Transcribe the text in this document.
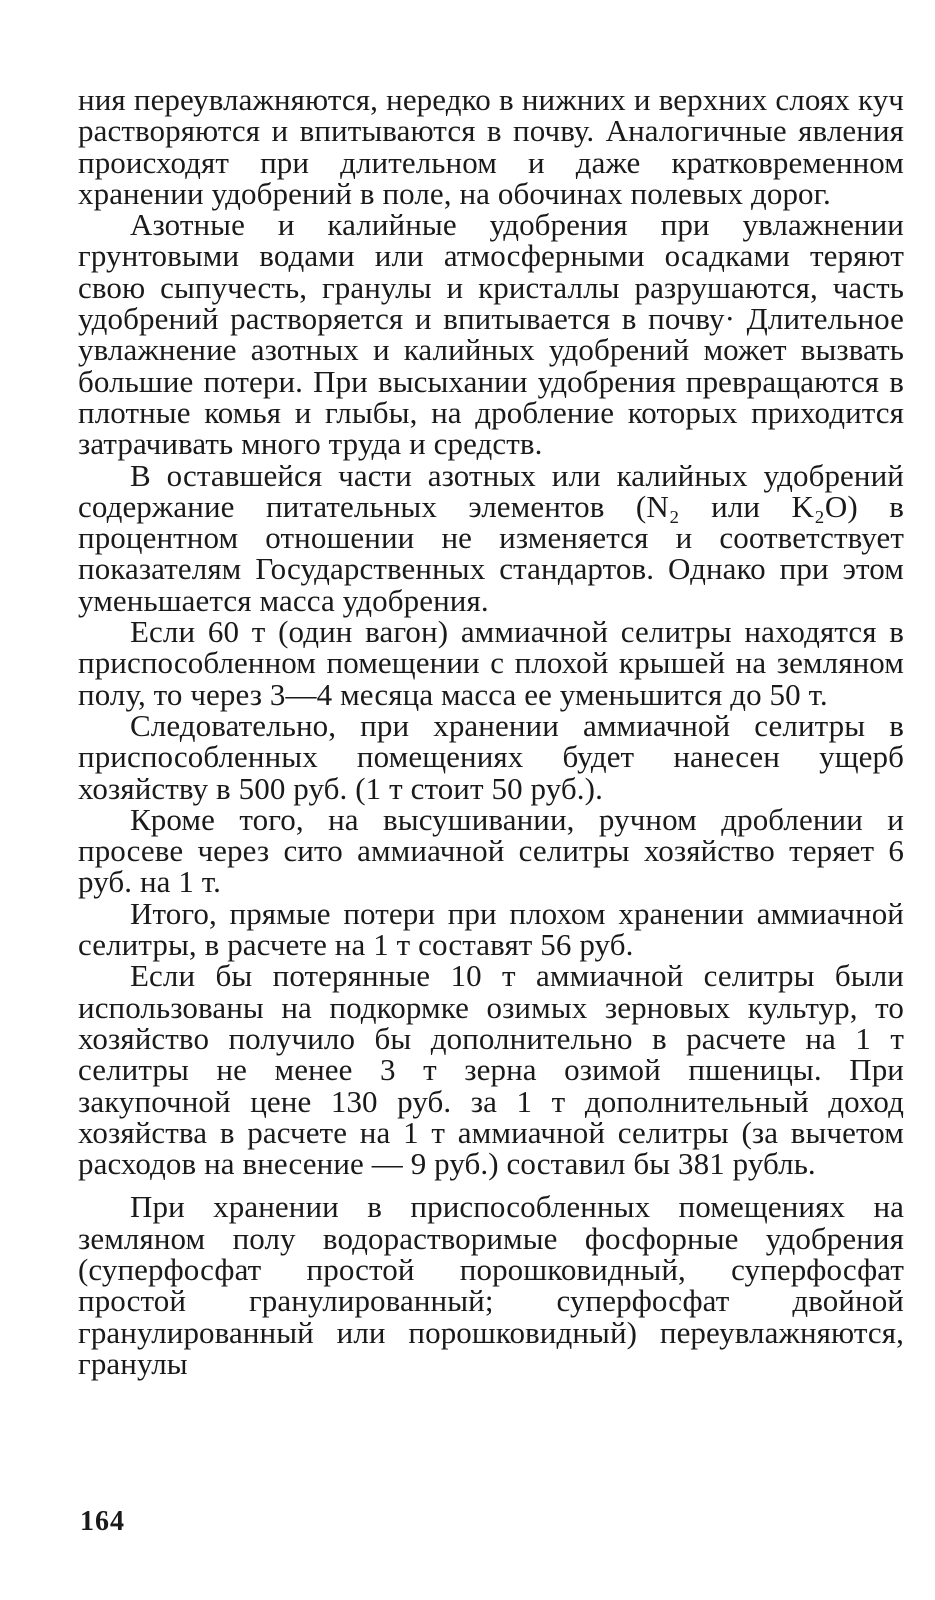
ния переувлажняются, нередко в нижних и верхних слоях куч растворяются и впитываются в почву. Аналогичные явления происходят при длительном и даже кратковременном хранении удобрений в поле, на обочинах полевых дорог.

Азотные и калийные удобрения при увлажнении грунтовыми водами или атмосферными осадками теряют свою сыпучесть, гранулы и кристаллы разрушаются, часть удобрений растворяется и впитывается в почву· Длительное увлажнение азотных и калийных удобрений может вызвать большие потери. При высыхании удобрения превращаются в плотные комья и глыбы, на дробление которых приходится затрачивать много труда и средств.

В оставшейся части азотных или калийных удобрений содержание питательных элементов (N₂ или K₂O) в процентном отношении не изменяется и соответствует показателям Государственных стандартов. Однако при этом уменьшается масса удобрения.

Если 60 т (один вагон) аммиачной селитры находятся в приспособленном помещении с плохой крышей на земляном полу, то через 3—4 месяца масса ее уменьшится до 50 т.

Следовательно, при хранении аммиачной селитры в приспособленных помещениях будет нанесен ущерб хозяйству в 500 руб. (1 т стоит 50 руб.).

Кроме того, на высушивании, ручном дроблении и просеве через сито аммиачной селитры хозяйство теряет 6 руб. на 1 т.

Итого, прямые потери при плохом хранении аммиачной селитры, в расчете на 1 т составят 56 руб.

Если бы потерянные 10 т аммиачной селитры были использованы на подкормке озимых зерновых культур, то хозяйство получило бы дополнительно в расчете на 1 т селитры не менее 3 т зерна озимой пшеницы. При закупочной цене 130 руб. за 1 т дополнительный доход хозяйства в расчете на 1 т аммиачной селитры (за вычетом расходов на внесение — 9 руб.) составил бы 381 рубль.

При хранении в приспособленных помещениях на земляном полу водорастворимые фосфорные удобрения (суперфосфат простой порошковидный, суперфосфат простой гранулированный; суперфосфат двойной гранулированный или порошковидный) переувлажняются, гранулы

164
